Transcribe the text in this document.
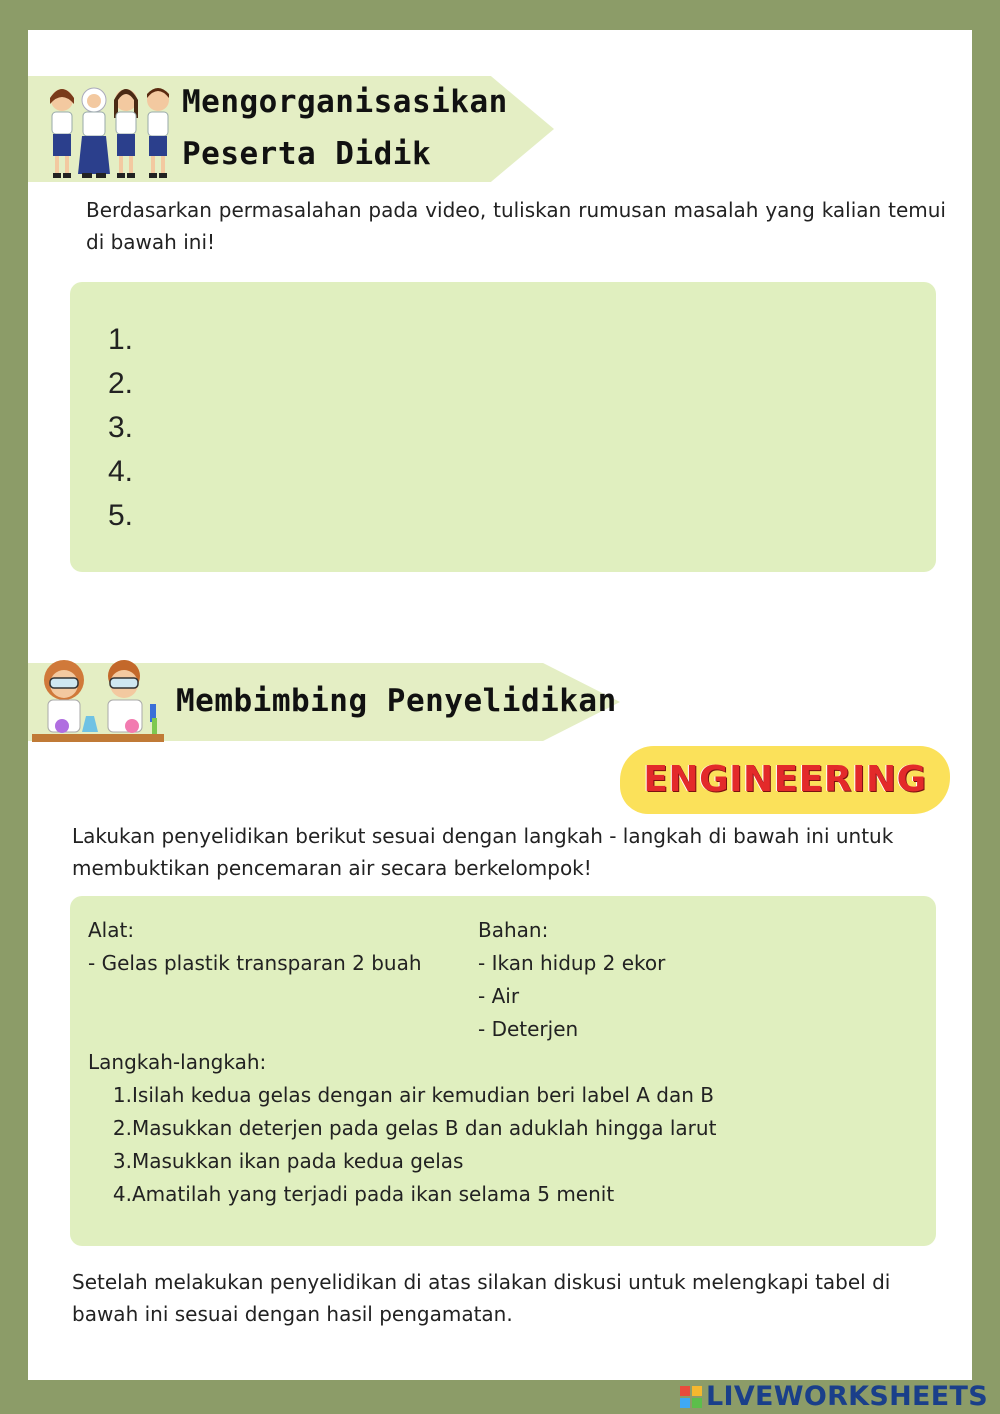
Mengorganisasikan
Peserta Didik
Berdasarkan permasalahan pada video, tuliskan rumusan masalah yang kalian temui di bawah ini!
1.
2.
3.
4.
5.
Membimbing Penyelidikan
ENGINEERING
Lakukan penyelidikan berikut sesuai dengan langkah - langkah di bawah ini untuk membuktikan pencemaran air secara berkelompok!
Alat:
- Gelas plastik transparan 2 buah
Bahan:
- Ikan hidup 2 ekor
- Air
- Deterjen
Langkah-langkah:
1.Isilah kedua gelas dengan air kemudian beri label A dan B
2.Masukkan deterjen pada gelas B dan aduklah hingga larut
3.Masukkan ikan pada kedua gelas
4.Amatilah yang terjadi pada ikan selama 5 menit
Setelah melakukan penyelidikan di atas silakan diskusi untuk melengkapi tabel di bawah ini sesuai dengan hasil pengamatan.
LIVEWORKSHEETS
